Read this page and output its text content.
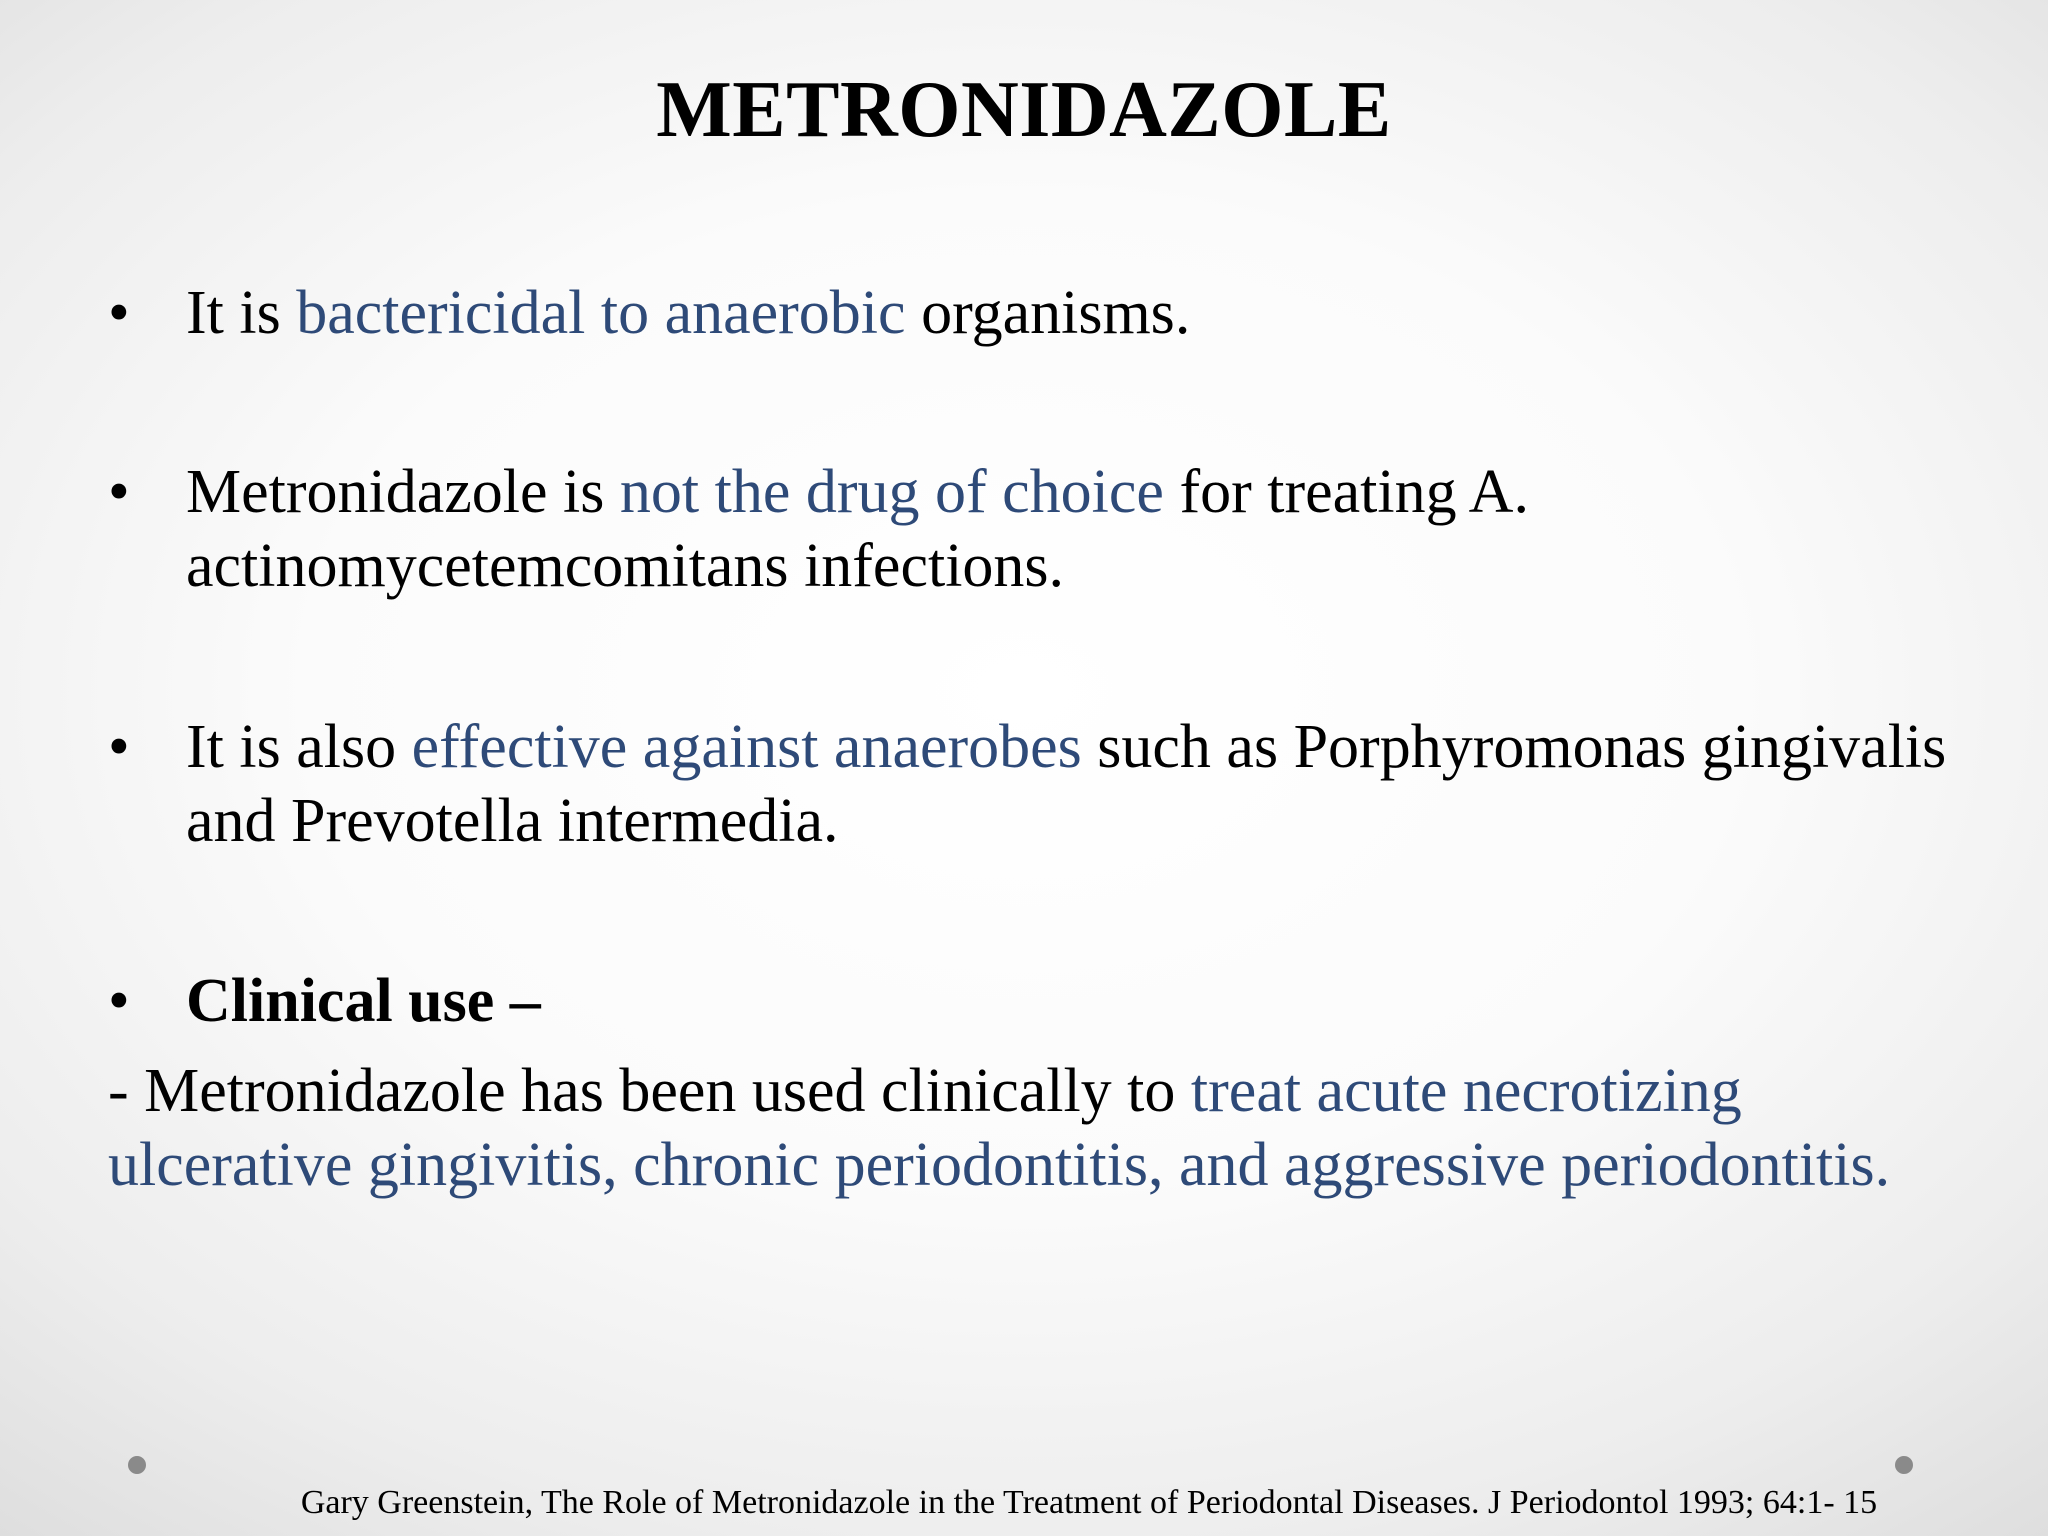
METRONIDAZOLE
• It is bactericidal to anaerobic organisms.
• Metronidazole is not the drug of choice for treating A. actinomycetemcomitans infections.
• It is also effective against anaerobes such as Porphyromonas gingivalis and Prevotella intermedia.
• Clinical use –
- Metronidazole has been used clinically to treat acute necrotizing ulcerative gingivitis, chronic periodontitis, and aggressive periodontitis.
Gary Greenstein, The Role of Metronidazole in the Treatment of Periodontal Diseases. J Periodontol 1993; 64:1- 15
